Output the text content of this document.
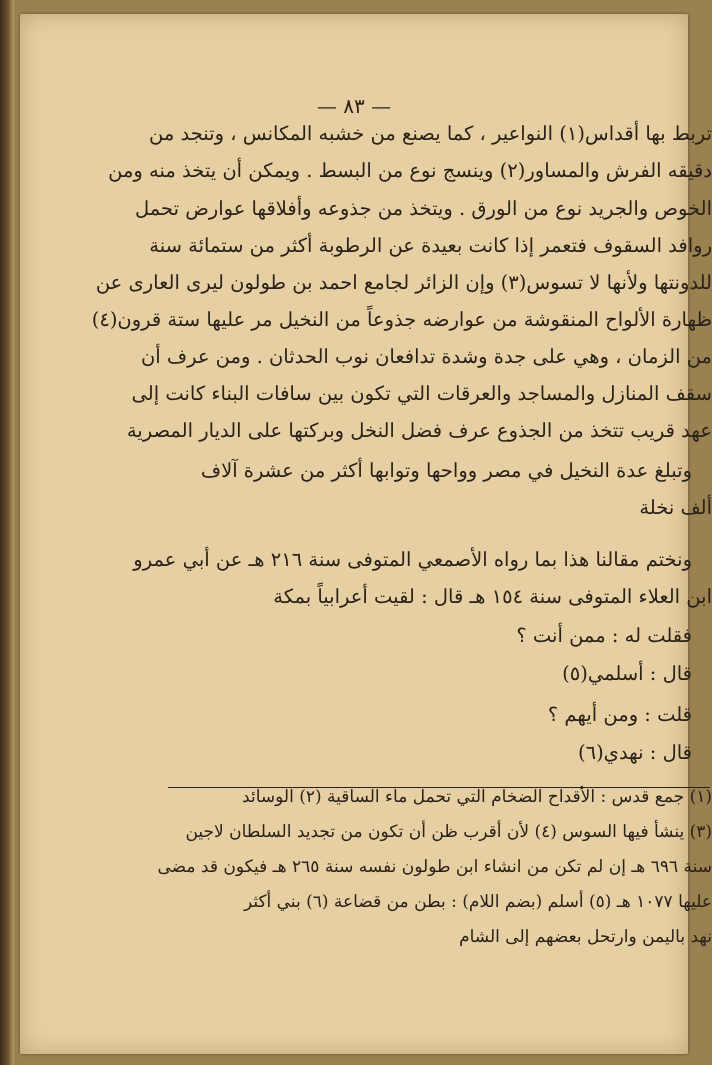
— ٨٣ —
تربط بها أقداس(١) النواعير ، كما يصنع من خشبه المكانس ، وتنجد من
دقيقه الفرش والمساور(٢) وينسج نوع من البسط . ويمكن أن يتخذ منه ومن
الخوص والجريد نوع من الورق . ويتخذ من جذوعه وأفلاقها عوارض تحمل
روافد السقوف فتعمر إذا كانت بعيدة عن الرطوبة أكثر من ستمائة سنة
للدونتها ولأنها لا تسوس(٣) وإن الزائر لجامع احمد بن طولون ليرى العارى عن
ظهارة الألواح المنقوشة من عوارضه جذوعاً من النخيل مر عليها ستة قرون(٤)
من الزمان ، وهي على جدة وشدة تدافعان نوب الحدثان . ومن عرف أن
سقف المنازل والمساجد والعرقات التي تكون بين سافات البناء كانت إلى
عهد قريب تتخذ من الجذوع عرف فضل النخل وبركتها على الديار المصرية
وتبلغ عدة النخيل في مصر وواحها وتوابها أكثر من عشرة آلاف
ألف نخلة
ونختم مقالنا هذا بما رواه الأصمعي المتوفى سنة ٢١٦ هـ عن أبي عمرو
ابن العلاء المتوفى سنة ١٥٤ هـ قال : لقيت أعرابياً بمكة
فقلت له : ممن أنت ؟
قال : أسلمي(٥)
قلت : ومن أيهم ؟
قال : نهدي(٦)
(١) جمع قدس : الأقداح الضخام التي تحمل ماء الساقية (٢) الوسائد
(٣) ينشأ فيها السوس (٤) لأن أقرب ظن أن تكون من تجديد السلطان لاجين
سنة ٦٩٦ هـ إن لم تكن من انشاء ابن طولون نفسه سنة ٢٦٥ هـ فيكون قد مضى
عليها ١٠٧٧ هـ (٥) أسلم (بضم اللام) : بطن من قضاعة (٦) بني أكثر
نهد باليمن وارتحل بعضهم إلى الشام
